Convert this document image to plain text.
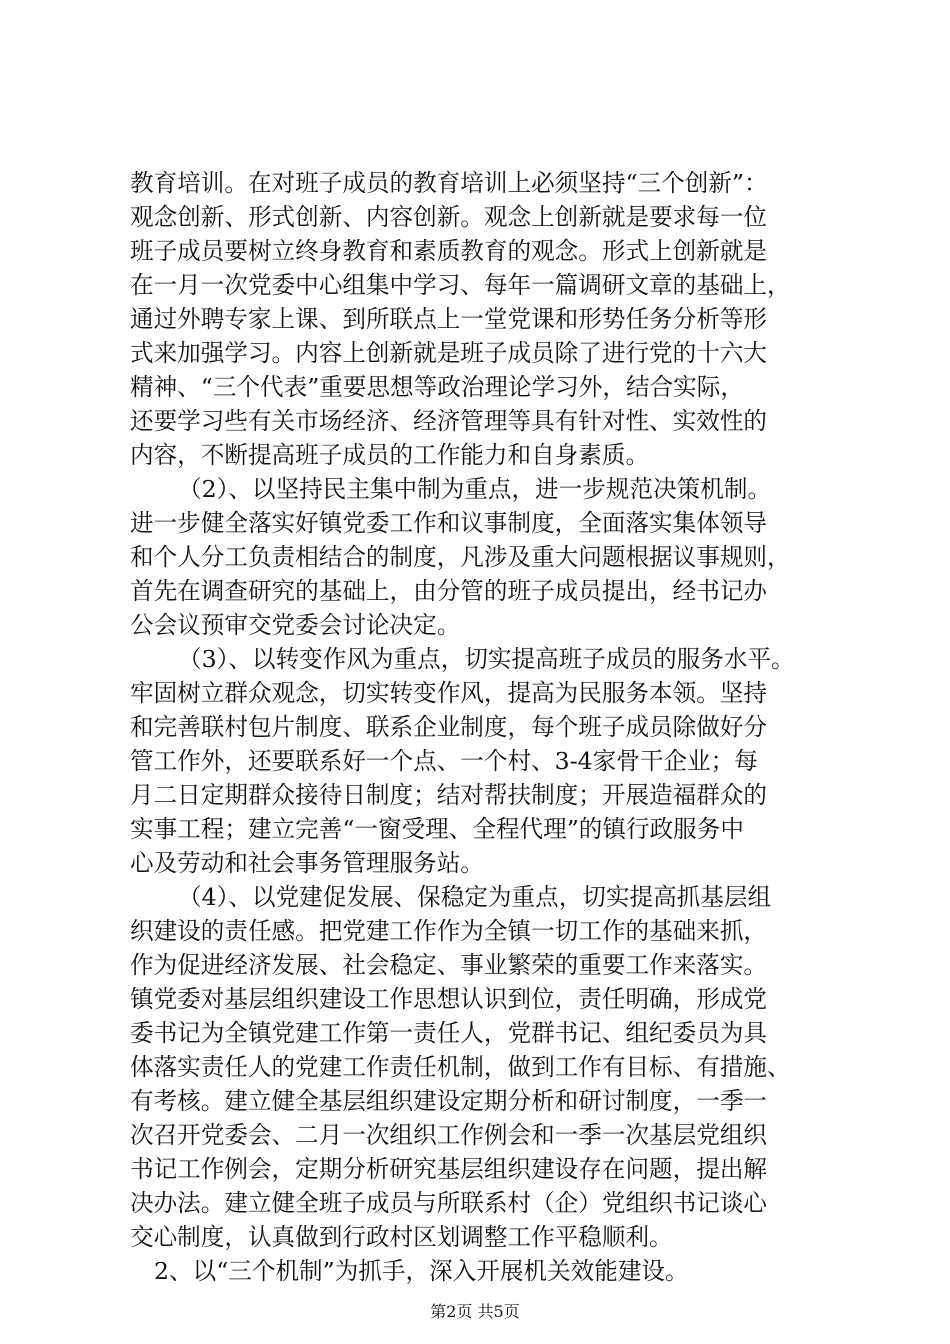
教育培训。在对班子成员的教育培训上必须坚持“三个创新”：
观念创新、形式创新、内容创新。观念上创新就是要求每一位
班子成员要树立终身教育和素质教育的观念。形式上创新就是
在一月一次党委中心组集中学习、每年一篇调研文章的基础上，
通过外聘专家上课、到所联点上一堂党课和形势任务分析等形
式来加强学习。内容上创新就是班子成员除了进行党的十六大
精神、“三个代表”重要思想等政治理论学习外，结合实际，
还要学习些有关市场经济、经济管理等具有针对性、实效性的
内容，不断提高班子成员的工作能力和自身素质。
（2）、以坚持民主集中制为重点，进一步规范决策机制。
进一步健全落实好镇党委工作和议事制度，全面落实集体领导
和个人分工负责相结合的制度，凡涉及重大问题根据议事规则，
首先在调查研究的基础上，由分管的班子成员提出，经书记办
公会议预审交党委会讨论决定。
（3）、以转变作风为重点，切实提高班子成员的服务水平。
牢固树立群众观念，切实转变作风，提高为民服务本领。坚持
和完善联村包片制度、联系企业制度，每个班子成员除做好分
管工作外，还要联系好一个点、一个村、3-4家骨干企业；每
月二日定期群众接待日制度；结对帮扶制度；开展造福群众的
实事工程；建立完善“一窗受理、全程代理”的镇行政服务中
心及劳动和社会事务管理服务站。
（4）、以党建促发展、保稳定为重点，切实提高抓基层组
织建设的责任感。把党建工作作为全镇一切工作的基础来抓，
作为促进经济发展、社会稳定、事业繁荣的重要工作来落实。
镇党委对基层组织建设工作思想认识到位，责任明确，形成党
委书记为全镇党建工作第一责任人，党群书记、组纪委员为具
体落实责任人的党建工作责任机制，做到工作有目标、有措施、
有考核。建立健全基层组织建设定期分析和研讨制度，一季一
次召开党委会、二月一次组织工作例会和一季一次基层党组织
书记工作例会，定期分析研究基层组织建设存在问题，提出解
决办法。建立健全班子成员与所联系村（企）党组织书记谈心
交心制度，认真做到行政村区划调整工作平稳顺利。
2、以“三个机制”为抓手，深入开展机关效能建设。
第2页 共5页
